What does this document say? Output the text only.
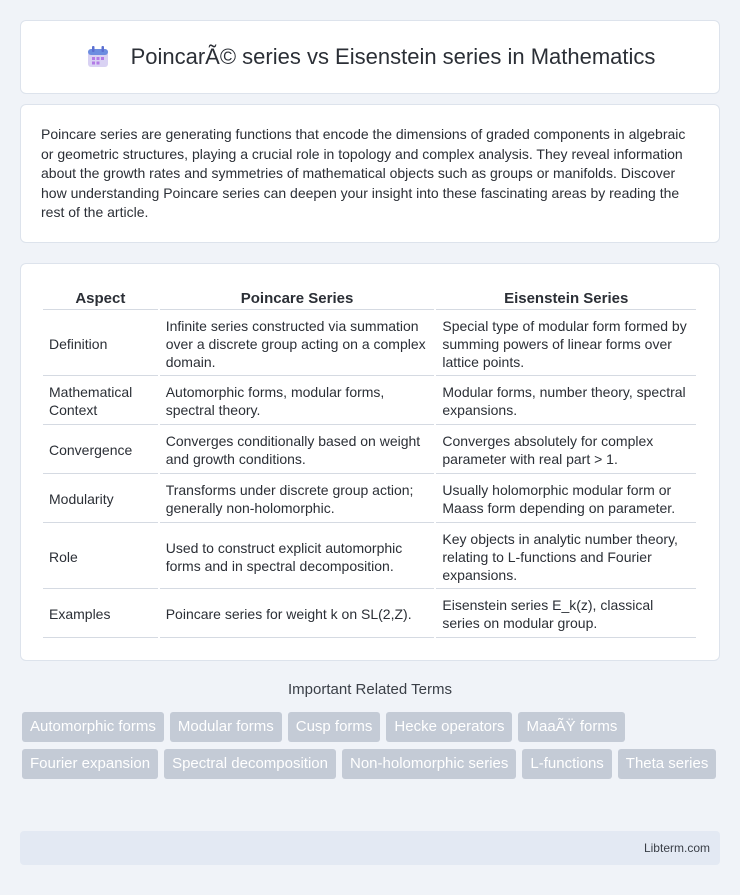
PoincarÃ© series vs Eisenstein series in Mathematics

Poincare series are generating functions that encode the dimensions of graded components in algebraic or geometric structures, playing a crucial role in topology and complex analysis. They reveal information about the growth rates and symmetries of mathematical objects such as groups or manifolds. Discover how understanding Poincare series can deepen your insight into these fascinating areas by reading the rest of the article.

Aspect	Poincare Series	Eisenstein Series
Definition	Infinite series constructed via summation over a discrete group acting on a complex domain.	Special type of modular form formed by summing powers of linear forms over lattice points.
Mathematical Context	Automorphic forms, modular forms, spectral theory.	Modular forms, number theory, spectral expansions.
Convergence	Converges conditionally based on weight and growth conditions.	Converges absolutely for complex parameter with real part > 1.
Modularity	Transforms under discrete group action; generally non-holomorphic.	Usually holomorphic modular form or Maass form depending on parameter.
Role	Used to construct explicit automorphic forms and in spectral decomposition.	Key objects in analytic number theory, relating to L-functions and Fourier expansions.
Examples	Poincare series for weight k on SL(2,Z).	Eisenstein series E_k(z), classical series on modular group.
Important Related Terms
Automorphic forms	Modular forms	Cusp forms	Hecke operators	MaaÃŸ forms
Fourier expansion	Spectral decomposition	Non-holomorphic series	L-functions	Theta series
Libterm.com
